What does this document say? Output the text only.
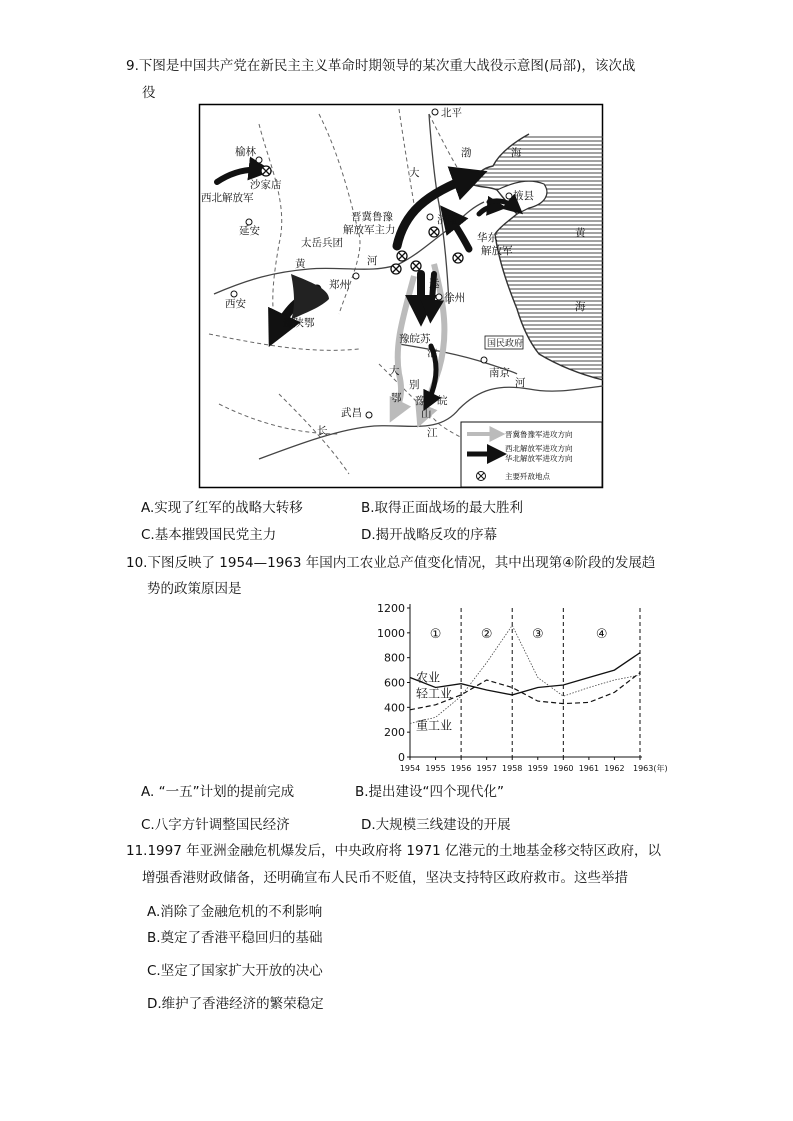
9.下图是中国共产党在新民主主义革命时期领导的某次重大战役示意图(局部)，该次战
役
北平
榆林
沙家店
西北解放军
延安
渤	海
大
晋冀鲁豫
解放军主力
济南
掖县
华东
解放军
黄
太岳兵团
黄	河
运
郑州
徐州
西安
豫陕鄂
海
豫皖苏
淮
国民政府
南京
河
大
别
鄂 豫 皖
山
武昌
长	江	晋冀鲁豫军进攻方向
西北解放军进攻方向
华北解放军进攻方向
主要歼敌地点
A.实现了红军的战略大转移	B.取得正面战场的最大胜利
C.基本摧毁国民党主力	D.揭开战略反攻的序幕
10.下图反映了 1954—1963 年国内工农业总产值变化情况，其中出现第④阶段的发展趋
势的政策原因是
0
200
400
600
800
1000
1200
1954 1955 1956 1957 1958 1959 1960 1961 1962 1963(年)
①	②	③	④
农业
轻工业
重工业
A. “一五”计划的提前完成	B.提出建设“四个现代化”
C.八字方针调整国民经济	D.大规模三线建设的开展
11.1997 年亚洲金融危机爆发后，中央政府将 1971 亿港元的土地基金移交特区政府，以
增强香港财政储备，还明确宣布人民币不贬值，坚决支持特区政府救市。这些举措
A.消除了金融危机的不利影响
B.奠定了香港平稳回归的基础
C.坚定了国家扩大开放的决心
D.维护了香港经济的繁荣稳定
